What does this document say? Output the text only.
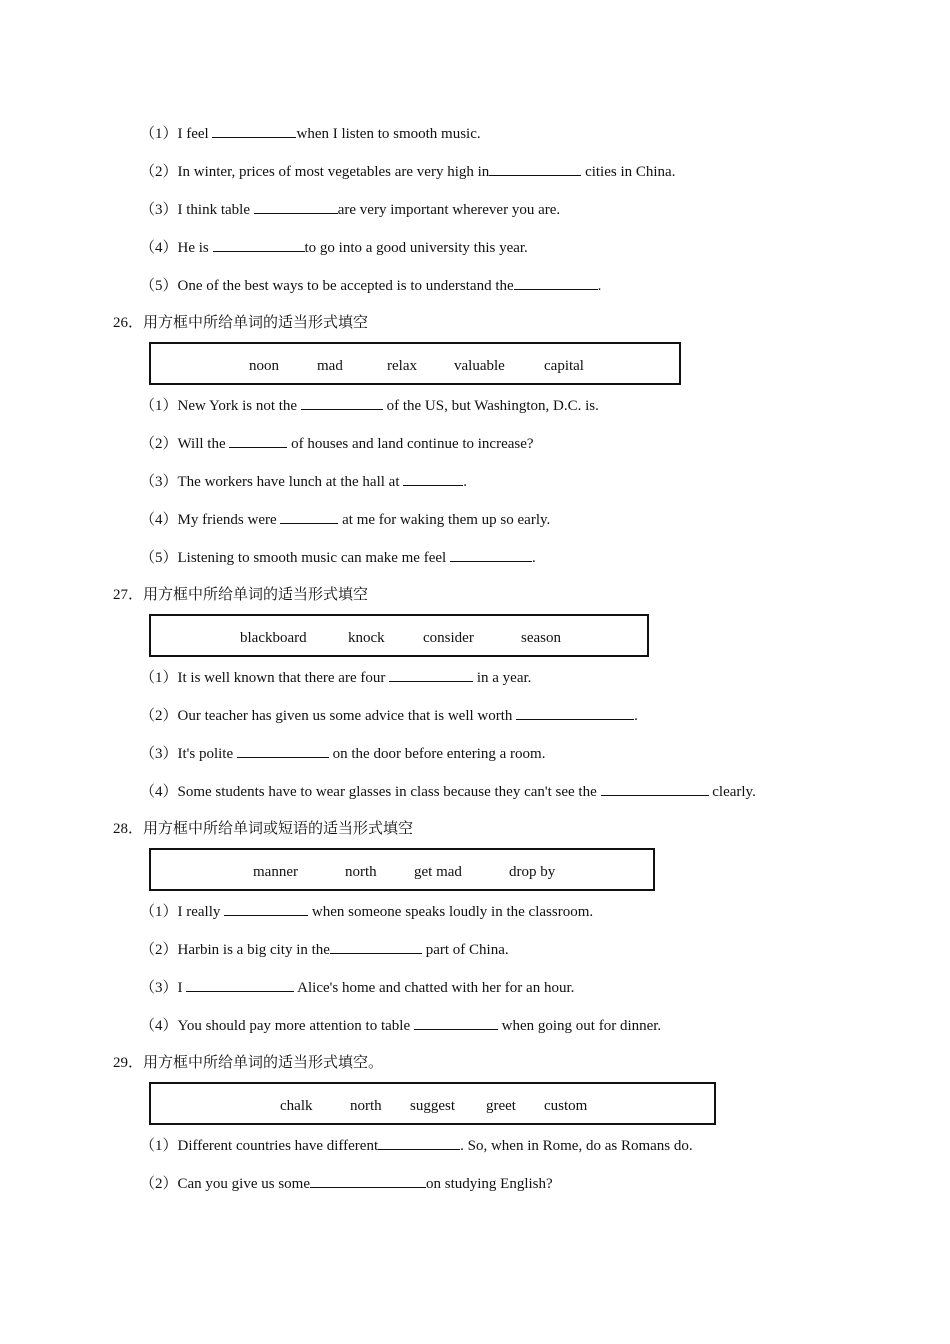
（1）I feel	when I listen to smooth music.
（2）In winter, prices of most vegetables are very high in	cities in China.
（3）I think table	are very important wherever you are.
（4）He is	to go into a good university this year.
（5）One of the best ways to be accepted is to understand the	.
26．用方框中所给单词的适当形式填空
noon	mad	relax valuable	capital
（1）New York is not the	of the US, but Washington, D.C. is.
（2）Will the	of houses and land continue to increase?
（3）The workers have lunch at the hall at	.
（4）My friends were	at me for waking them up so early.
（5）Listening to smooth music can make me feel	.
27．用方框中所给单词的适当形式填空
blackboard	knock	consider	season
（1）It is well known that there are four	in a year.
（2）Our teacher has given us some advice that is well worth	.
（3）It's polite	on the door before entering a room.
（4）Some students have to wear glasses in class because they can't see the	clearly.
28．用方框中所给单词或短语的适当形式填空
manner	north get mad	drop by
（1）I really	when someone speaks loudly in the classroom.
（2）Harbin is a big city in the	part of China.
（3）I	Alice's home and chatted with her for an hour.
（4）You should pay more attention to table	when going out for dinner.
29．用方框中所给单词的适当形式填空。
chalk	north suggest greet custom
（1）Different countries have different	. So, when in Rome, do as Romans do.
（2）Can you give us some	on studying English?
